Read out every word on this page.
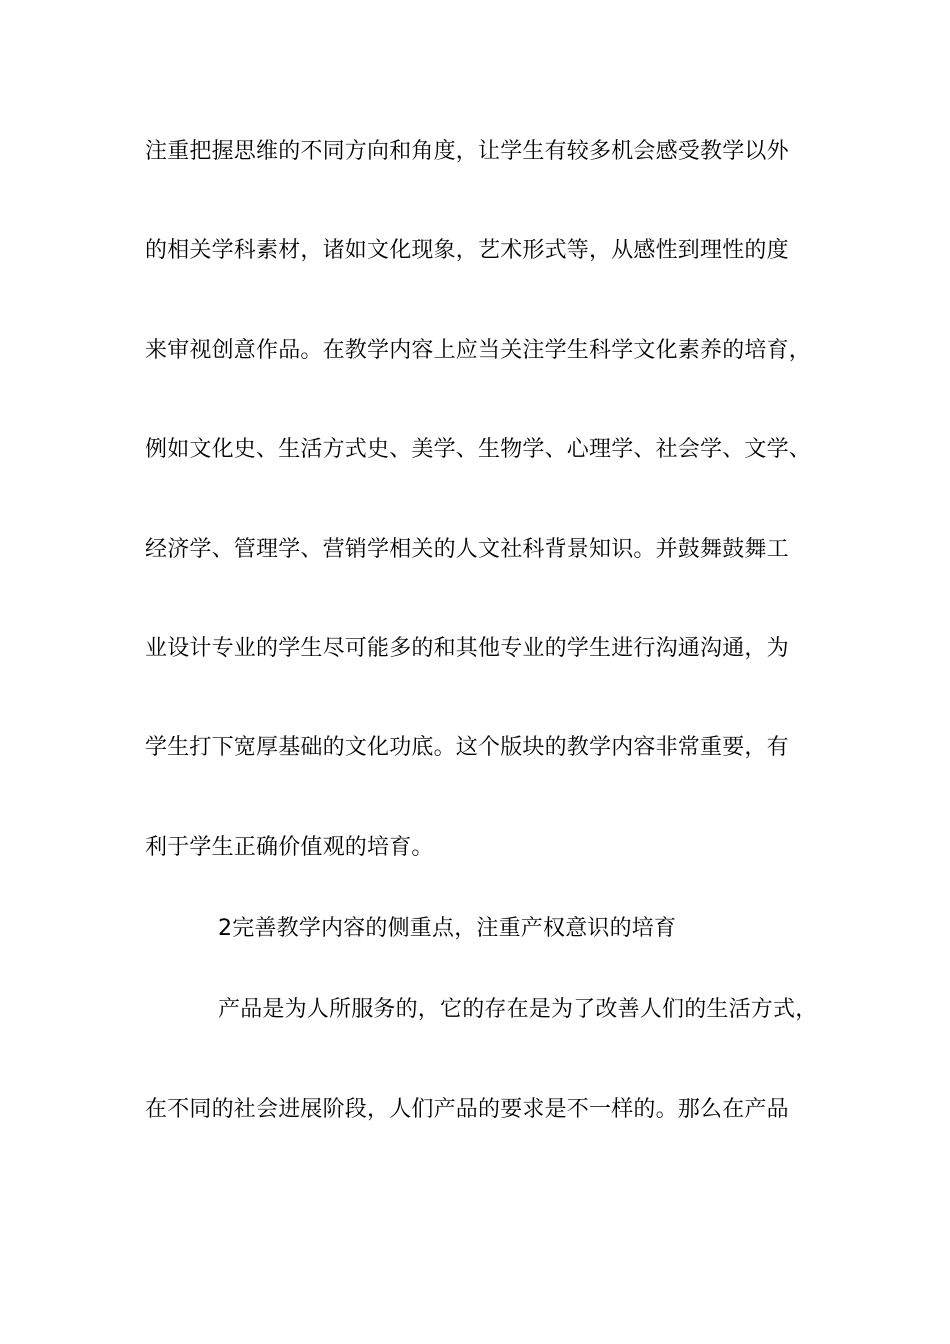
注重把握思维的不同方向和角度，让学生有较多机会感受教学以外
的相关学科素材，诸如文化现象，艺术形式等，从感性到理性的度
来审视创意作品。在教学内容上应当关注学生科学文化素养的培育，
例如文化史、生活方式史、美学、生物学、心理学、社会学、文学、
经济学、管理学、营销学相关的人文社科背景知识。并鼓舞鼓舞工
业设计专业的学生尽可能多的和其他专业的学生进行沟通沟通，为
学生打下宽厚基础的文化功底。这个版块的教学内容非常重要，有
利于学生正确价值观的培育。
2完善教学内容的侧重点，注重产权意识的培育
产品是为人所服务的，它的存在是为了改善人们的生活方式，
在不同的社会进展阶段，人们产品的要求是不一样的。那么在产品
